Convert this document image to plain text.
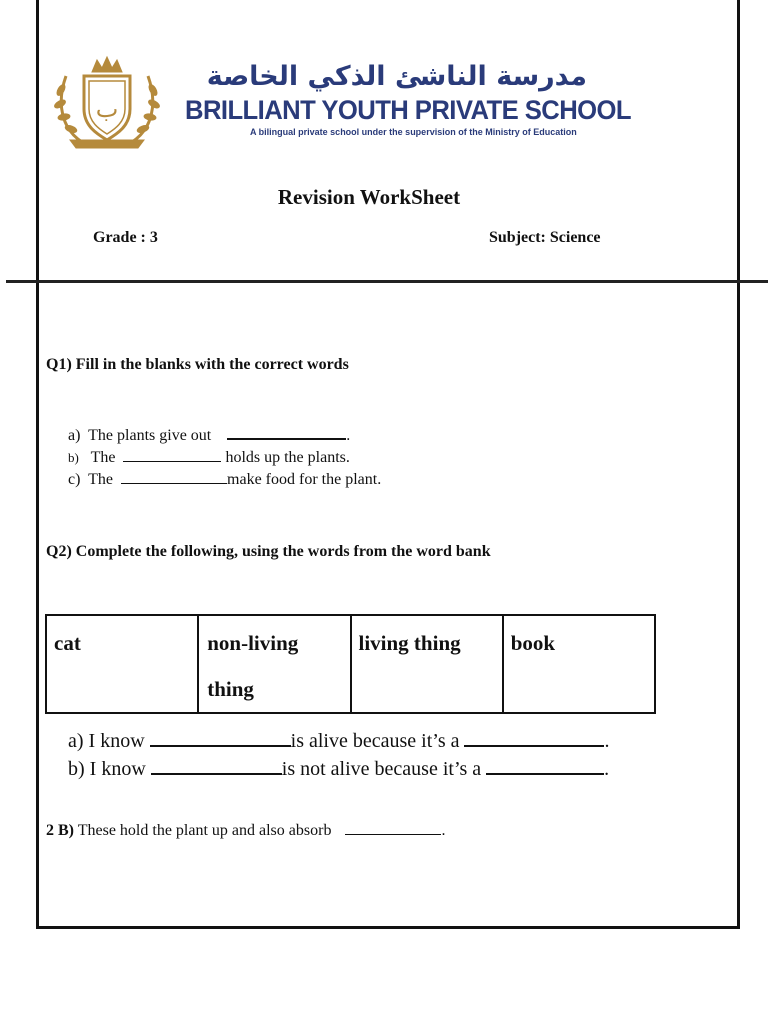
ب
مدرسة الناشئ الذكي الخاصة
BRILLIANT YOUTH PRIVATE SCHOOL
A bilingual private school under the supervision of the Ministry of Education
Revision WorkSheet
Grade : 3	Subject: Science
Q1) Fill in the blanks with the correct words
a) The plants give out	.
b) The	holds up the plants.
c) The	make food for the plant.
Q2) Complete the following, using the words from the word bank
cat	non-living thing	living thing	book
a) I know	is alive because it’s a	.
b) I know	is not alive because it’s a	.
2 B) These hold the plant up and also absorb	.
